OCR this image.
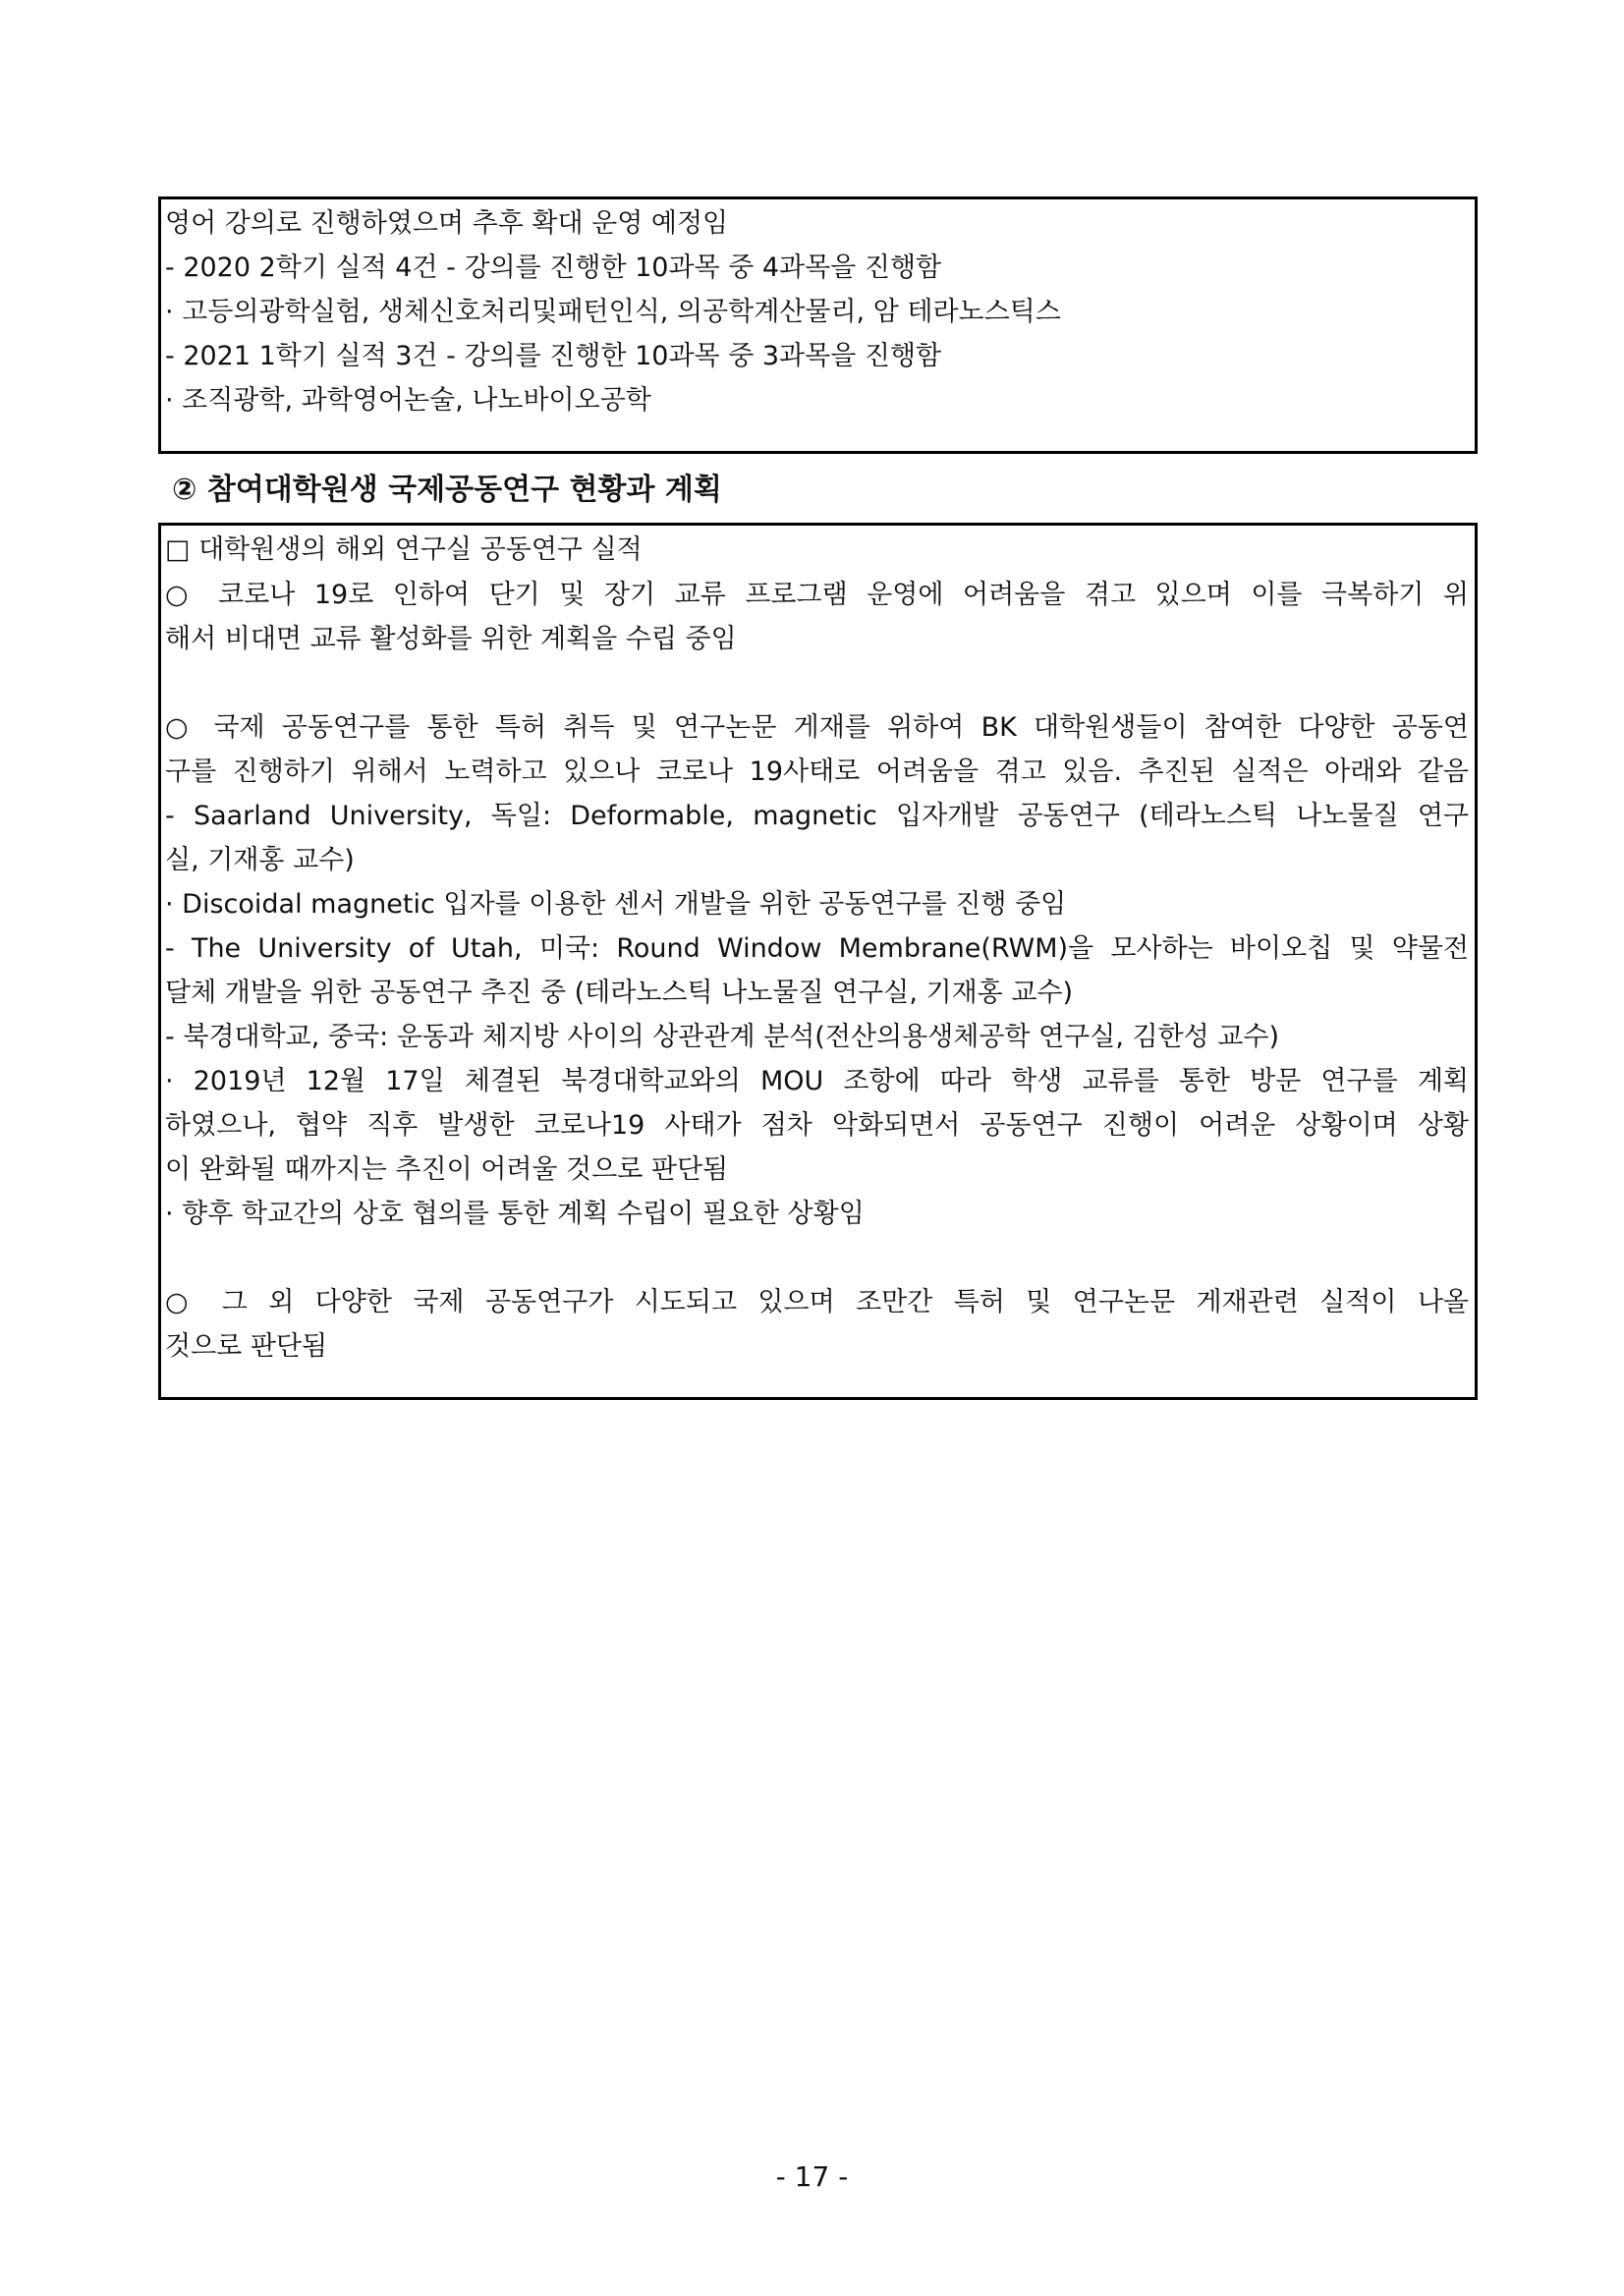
영어 강의로 진행하였으며 추후 확대 운영 예정임
- 2020 2학기 실적 4건 - 강의를 진행한 10과목 중 4과목을 진행함
· 고등의광학실험, 생체신호처리및패턴인식, 의공학계산물리, 암 테라노스틱스
- 2021 1학기 실적 3건 - 강의를 진행한 10과목 중 3과목을 진행함
· 조직광학, 과학영어논술, 나노바이오공학
② 참여대학원생 국제공동연구 현황과 계획
□ 대학원생의 해외 연구실 공동연구 실적
○ 코로나 19로 인하여 단기 및 장기 교류 프로그램 운영에 어려움을 겪고 있으며 이를 극복하기 위
해서 비대면 교류 활성화를 위한 계획을 수립 중임
○ 국제 공동연구를 통한 특허 취득 및 연구논문 게재를 위하여 BK 대학원생들이 참여한 다양한 공동연
구를 진행하기 위해서 노력하고 있으나 코로나 19사태로 어려움을 겪고 있음. 추진된 실적은 아래와 같음
- Saarland University, 독일: Deformable, magnetic 입자개발 공동연구 (테라노스틱 나노물질 연구
실, 기재홍 교수)
· Discoidal magnetic 입자를 이용한 센서 개발을 위한 공동연구를 진행 중임
- The University of Utah, 미국: Round Window Membrane(RWM)을 모사하는 바이오칩 및 약물전
달체 개발을 위한 공동연구 추진 중 (테라노스틱 나노물질 연구실, 기재홍 교수)
- 북경대학교, 중국: 운동과 체지방 사이의 상관관계 분석(전산의용생체공학 연구실, 김한성 교수)
· 2019년 12월 17일 체결된 북경대학교와의 MOU 조항에 따라 학생 교류를 통한 방문 연구를 계획
하였으나, 협약 직후 발생한 코로나19 사태가 점차 악화되면서 공동연구 진행이 어려운 상황이며 상황
이 완화될 때까지는 추진이 어려울 것으로 판단됨
· 향후 학교간의 상호 협의를 통한 계획 수립이 필요한 상황임
○ 그 외 다양한 국제 공동연구가 시도되고 있으며 조만간 특허 및 연구논문 게재관련 실적이 나올
것으로 판단됨
- 17 -
